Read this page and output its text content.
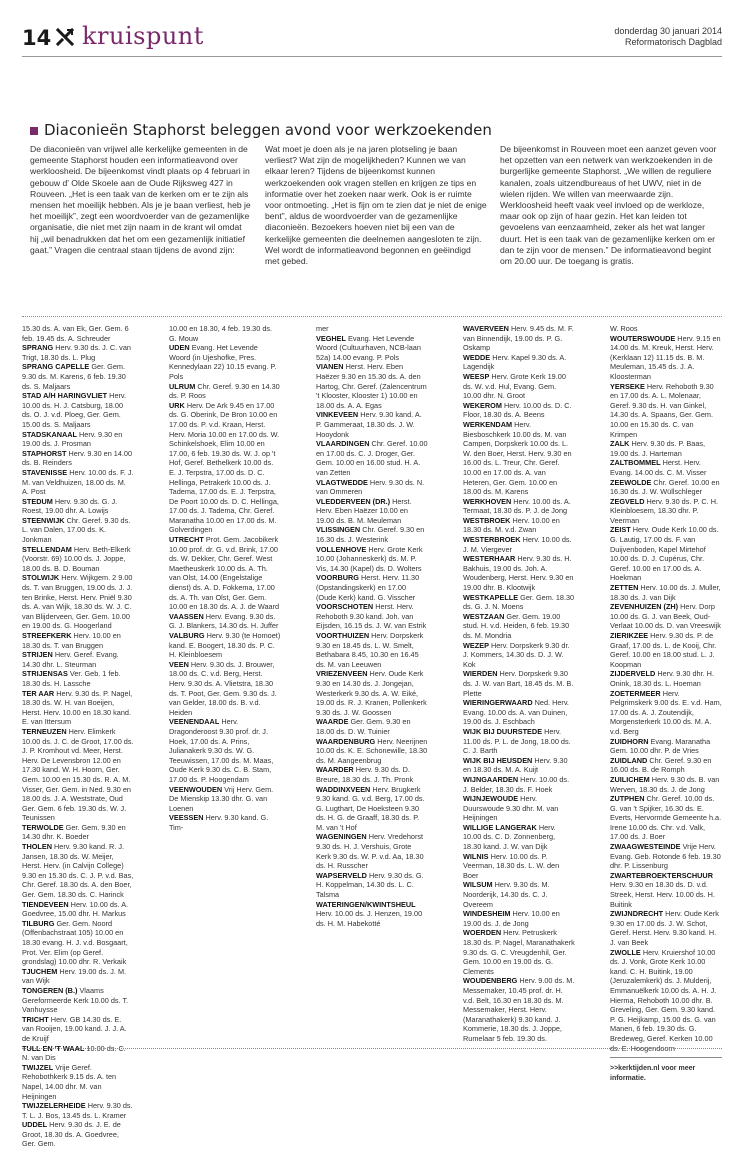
14 kruispunt	donderdag 30 januari 2014
Reformatorisch Dagblad
Diaconieën Staphorst beleggen avond voor werkzoekenden

De diaconieën van vrijwel alle kerkelijke gemeenten in de gemeente Staphorst houden een informatieavond over werkloosheid. De bijeenkomst vindt plaats op 4 februari in gebouw d' Olde Skoele aan de Oude Rijksweg 427 in Rouveen. „Het is een taak van de kerken om er te zijn als mensen het moeilijk hebben. Als je je baan verliest, heb je het moeilijk”, zegt een woordvoerder van de gezamenlijke organisatie, die niet met zijn naam in de krant wil omdat hij „wil benadrukken dat het om een gezamenlijk initiatief gaat.” Vragen die centraal staan tijdens de avond zijn:

Wat moet je doen als je na jaren plotseling je baan verliest? Wat zijn de mogelijkheden? Kunnen we van elkaar leren? Tijdens de bijeenkomst kunnen werkzoekenden ook vragen stellen en krijgen ze tips en informatie over het zoeken naar werk. Ook is er ruimte voor ontmoeting. „Het is fijn om te zien dat je niet de enige bent”, aldus de woordvoerder van de gezamenlijke diaconieën. Bezoekers hoeven niet bij een van de kerkelijke gemeenten die deelnemen aangesloten te zijn. Wel wordt de informatieavond begonnen en geëindigd met gebed.

De bijeenkomst in Rouveen moet een aanzet geven voor het opzetten van een netwerk van werkzoekenden in de burgerlijke gemeente Staphorst. „We willen de reguliere kanalen, zoals uitzendbureaus of het UWV, niet in de wielen rijden. We willen van meerwaarde zijn. Werkloosheid heeft vaak veel invloed op de werkloze, maar ook op zijn of haar gezin. Het kan leiden tot gevoelens van eenzaamheid, zeker als het wat langer duurt. Het is een taak van de gezamenlijke kerken om er dan te zijn voor de mensen.” De informatieavond begint om 20.00 uur. De toegang is gratis.

15.30 ds. A. van Ek, Ger. Gem. 6 feb. 19.45 ds. A. Schreuder

SPRANG Herv. 9.30 ds. J. C. van Trigt, 18.30 ds. L. Plug

SPRANG CAPELLE Ger. Gem. 9.30 ds. M. Karens, 6 feb. 19.30 ds. S. Maljaars

STAD A/H HARINGVLIET Herv. 10.00 ds. H. J. Catsburg, 18.00 ds. O. J. v.d. Ploeg, Ger. Gem. 15.00 ds. S. Maljaars

STADSKANAAL Herv. 9.30 en 19.00 ds. J. Prosman

STAPHORST Herv. 9.30 en 14.00 ds. B. Reinders

STAVENISSE Herv. 10.00 ds. F. J. M. van Veldhuizen, 18.00 ds. M. A. Post

STEDUM Herv. 9.30 ds. G. J. Roest, 19.00 dhr. A. Lowijs

STEENWIJK Chr. Geref. 9.30 ds. L. van Dalen, 17.00 ds. K. Jonkman

STELLENDAM Herv. Beth-Elkerk (Voorstr. 69) 10.00 ds. J. Joppe, 18.00 ds. B. D. Bouman

STOLWIJK Herv. Wijkgem. 2 9.00 ds. T. van Bruggen, 19.00 ds. J. J. ten Brinke, Herst. Herv. Pniël 9.30 ds. A. van Wijk, 18.30 ds. W. J. C. van Blijderveen, Ger. Gem. 10.00 en 19.00 ds. G. Hoogerland

STREEFKERK Herv. 10.00 en 18.30 ds. T. van Bruggen

STRIJEN Herv. Geref. Evang. 14.30 dhr. L. Steurman

STRIJENSAS Ver. Geb. 1 feb. 18.30 ds. H. Lassche

TER AAR Herv. 9.30 ds. P. Nagel, 18.30 ds. W. H. van Boeijen, Herst. Herv. 10.00 en 18.30 kand. E. van Ittersum

TERNEUZEN Herv. Elimkerk 10.00 ds. J. C. de Groot, 17.00 ds. J. P. Kromhout vd. Meer, Herst. Herv. De Levensbron 12.00 en 17.30 kand. W. H. Hoorn, Ger. Gem. 10.00 en 15.30 ds. R. A. M. Visser, Ger. Gem. in Ned. 9.30 en 18.00 ds. J. A. Weststrate, Oud Ger. Gem. 6 feb. 19.30 ds. W. J. Teunissen

TERWOLDE Ger. Gem. 9.30 en 14.30 dhr. K. Boeder

THOLEN Herv. 9.30 kand. R. J. Jansen, 18.30 ds. W. Meijer, Herst. Herv. (in Calvijn College) 9.30 en 15.30 ds. C. J. P. v.d. Bas, Chr. Geref. 18.30 ds. A. den Boer, Ger. Gem. 18.30 ds. C. Harinck

TIENDEVEEN Herv. 10.00 ds. A. Goedvree, 15.00 dhr. H. Markus

TILBURG Ger. Gem. Noord (Offenbachstraat 105) 10.00 en 18.30 evang. H. J. v.d. Bosgaart, Prot. Ver. Elim (op Geref. grondslag) 10.00 dhr. R. Verkaik

TJUCHEM Herv. 19.00 ds. J. M. van Wijk

TONGEREN (B.) Vlaams Gereformeerde Kerk 10.00 ds. T. Vanhuysse

TRICHT Herv. GB 14.30 ds. E. van Rooijen, 19.00 kand. J. J. A. de Kruijf

TULL EN 'T WAAL 10.00 ds. C. N. van Dis

TWIJZEL Vrije Geref. Rehobothkerk 9.15 ds. A. ten Napel, 14.00 dhr. M. van Heijningen

TWIJZELERHEIDE Herv. 9.30 ds. T. L. J. Bos, 13.45 ds. L. Kramer

UDDEL Herv. 9.30 ds. J. E. de Groot, 18.30 ds. A. Goedvree, Ger. Gem.

10.00 en 18.30, 4 feb. 19.30 ds. G. Mouw

UDEN Evang. Het Levende Woord (in Ujeshofke, Pres. Kennedylaan 22) 10.15 evang. P. Pols

ULRUM Chr. Geref. 9.30 en 14.30 ds. P. Roos

URK Herv. De Ark 9.45 en 17.00 ds. G. Oberink, De Bron 10.00 en 17.00 ds. P. v.d. Kraan, Herst. Herv. Moria 10.00 en 17.00 ds. W. Schinkelshoek, Elim 10.00 en 17.00, 6 feb. 19.30 ds. W. J. op 't Hof, Geref. Bethelkerk 10.00 ds. E. J. Terpstra, 17.00 ds. D. C. Hellinga, Petrakerk 10.00 ds. J. Tadema, 17.00 ds. E. J. Terpstra, De Poort 10.00 ds. D. C. Hellinga, 17.00 ds. J. Tadema, Chr. Geref. Maranatha 10.00 en 17.00 ds. M. Golverdingen

UTRECHT Prot. Gem. Jacobikerk 10.00 prof. dr. G. v.d. Brink, 17.00 ds. W. Dekker, Chr. Geref. West Maetheuskerk 10.00 ds. A. Th. van Olst, 14.00 (Engelstalige dienst) ds. A. D. Fokkema, 17.00 ds. A. Th. van Olst, Ger. Gem. 10.00 en 18.30 ds. A. J. de Waard

VAASSEN Herv. Evang. 9.30 ds. G. J. Blankers, 14.30 ds. H. Juffer

VALBURG Herv. 9.30 (te Homoet) kand. E. Boogert, 18.30 ds. P. C. H. Kleinbloesem

VEEN Herv. 9.30 ds. J. Brouwer, 18.00 ds. C. v.d. Berg, Herst. Herv. 9.30 ds. A. Vlietstra, 18.30 ds. T. Poot, Ger. Gem. 9.30 ds. J. van Gelder, 18.00 ds. B. v.d. Heiden

VEENENDAAL Herv. Dragonderoost 9.30 prof. dr. J. Hoek, 17.00 ds. A. Prins, Julianakerk 9.30 ds. W. G. Teeuwissen, 17.00 ds. M. Maas, Oude Kerk 9.30 ds. C. B. Stam, 17.00 ds. P. Hoogendam

VEENWOUDEN Vrij Herv. Gem. De Mienskip 13.30 dhr. G. van Loenen

VEESSEN Herv. 9.30 kand. G. Tim-

mer

VEGHEL Evang. Het Levende Woord (Cultuurhaven, NCB-laan 52a) 14.00 evang. P. Pols

VIANEN Herst. Herv. Eben Haëzer 9.30 en 15.30 ds. A. den Hartog, Chr. Geref. (Zalencentrum 't Klooster, Klooster 1) 10.00 en 18.00 ds. A. A. Egas

VINKEVEEN Herv. 9.30 kand. A. P. Gammeraat, 18.30 ds. J. W. Hooydonk

VLAARDINGEN Chr. Geref. 10.00 en 17.00 ds. C. J. Droger, Ger. Gem. 10.00 en 16.00 stud. H. A. van Zetten

VLAGTWEDDE Herv. 9.30 ds. N. van Ommeren

VLEDDERVEEN (DR.) Herst. Herv. Eben Haëzer 10.00 en 19.00 ds. B. M. Meuleman

VLISSINGEN Chr. Geref. 9.30 en 16.30 ds. J. Westerink

VOLLENHOVE Herv. Grote Kerk 10.00 (Johanneskerk) ds. M. P. Vis, 14.30 (Kapel) ds. D. Wolters

VOORBURG Herst. Herv. 11.30 (Opstandingskerk) en 17.00 (Oude Kerk) kand. G. Visscher

VOORSCHOTEN Herst. Herv. Rehoboth 9.30 kand. Joh. van Eijsden, 16.15 ds. J. W. van Estrik

VOORTHUIZEN Herv. Dorpskerk 9.30 en 18.45 ds. L. W. Smelt, Bethabara 8.45, 10.30 en 16.45 ds. M. van Leeuwen

VRIEZENVEEN Herv. Oude Kerk 9.30 en 14.30 ds. J. Jongejan, Westerkerk 9.30 ds. A. W. Eiké, 19.00 ds. R. J. Kranen, Pollenkerk 9.30 ds. J. W. Goossen

WAARDE Ger. Gem. 9.30 en 18.00 ds. D. W. Tuinier

WAARDENBURG Herv. Neerijnen 10.00 ds. K. E. Schonewille, 18.30 ds. M. Aangeenbrug

WAARDER Herv. 9.30 ds. D. Breure, 18.30 ds. J. Th. Pronk

WADDINXVEEN Herv. Brugkerk 9.30 kand. G. v.d. Berg, 17.00 ds. G. Lugthart, De Hoeksteen 9.30 ds. H. G. de Graaff, 18.30 ds. P. M. van 't Hof

WAGENINGEN Herv. Vredehorst 9.30 ds. H. J. Vershuis, Grote Kerk 9.30 ds. W. P. v.d. Aa, 18.30 ds. H. Russcher

WAPSERVELD Herv. 9.30 ds. G. H. Koppelman, 14.30 ds. L. C. Talsma

WATERINGEN/KWINTSHEUL Herv. 10.00 ds. J. Henzen, 19.00 ds. H. M. Habekotté

WAVERVEEN Herv. 9.45 ds. M. F. van Binnendijk, 19.00 ds. P. G. Oskamp

WEDDE Herv. Kapel 9.30 ds. A. Lagendijk

WEESP Herv. Grote Kerk 19.00 ds. W. v.d. Hul, Evang. Gem. 10.00 dhr. N. Groot

WEKEROM Herv. 10.00 ds. D. C. Floor, 18.30 ds. A. Beens

WERKENDAM Herv. Biesboschkerk 10.00 ds. M. van Campen, Dorpskerk 10.00 ds. L. W. den Boer, Herst. Herv. 9.30 en 16.00 ds. L. Treur, Chr. Geref. 10.00 en 17.00 ds. A. van Heteren, Ger. Gem. 10.00 en 18.00 ds. M. Karens

WERKHOVEN Herv. 10.00 ds. A. Termaat, 18.30 ds. P. J. de Jong

WESTBROEK Herv. 10.00 en 18.30 ds. M. v.d. Zwan

WESTERBROEK Herv. 10.00 ds. J. M. Viergever

WESTERHAAR Herv. 9.30 ds. H. Bakhuis, 19.00 ds. Joh. A. Woudenberg, Herst. Herv. 9.30 en 19.00 dhr. B. Klootwijk

WESTKAPELLE Ger. Gem. 18.30 ds. G. J. N. Moens

WESTZAAN Ger. Gem. 19.00 stud. H. v.d. Heiden, 6 feb. 19.30 ds. M. Mondria

WEZEP Herv. Dorpskerk 9.30 dr. J. Kommers, 14.30 ds. D. J. W. Kok

WIERDEN Herv. Dorpskerk 9.30 ds. J. W. van Bart, 18.45 ds. M. B. Plette

WIERINGERWAARD Ned. Herv. Evang. 10.00 ds. A. van Duinen, 19.00 ds. J. Eschbach

WIJK BIJ DUURSTEDE Herv. 11.00 ds. P. L. de Jong, 18.00 ds. C. J. Barth

WIJK BIJ HEUSDEN Herv. 9.30 en 18.30 ds. M. A. Kuijt

WIJNGAARDEN Herv. 10.00 ds. J. Belder, 18.30 ds. F. Hoek

WIJNJEWOUDE Herv. Duurswoude 9.30 dhr. M. van Heijningen

WILLIGE LANGERAK Herv. 10.00 ds. C. D. Zonnenberg, 18.30 kand. J. W. van Dijk

WILNIS Herv. 10.00 ds. P. Veerman, 18.30 ds. L. W. den Boer

WILSUM Herv. 9.30 ds. M. Noorderijk, 14.30 ds. C. J. Overeem

WINDESHEIM Herv. 10.00 en 19.00 ds. J. de Jong

WOERDEN Herv. Petruskerk 18.30 ds. P. Nagel, Maranathakerk 9.30 ds. G. C. Vreugdenhil, Ger. Gem. 10.00 en 19.00 ds. G. Clements

WOUDENBERG Herv. 9.00 ds. M. Messemaker, 10.45 prof. dr. H. v.d. Belt, 16.30 en 18.30 ds. M. Messemaker, Herst. Herv. (Maranathakerk) 9.30 kand. J. Kommerie, 18.30 ds. J. Joppe, Rumelaar 5 feb. 19.30 ds.

W. Roos

WOUTERSWOUDE Herv. 9.15 en 14.00 ds. M. Kreuk, Herst. Herv. (Kerklaan 12) 11.15 ds. B. M. Meuleman, 15.45 ds. J. A. Kloosterman

YERSEKE Herv. Rehoboth 9.30 en 17.00 ds. A. L. Molenaar, Geref. 9.30 ds. H. van Ginkel, 14.30 ds. A. Spaans, Ger. Gem. 10.00 en 15.30 ds. C. van Krimpen

ZALK Herv. 9.30 ds. P. Baas, 19.00 ds. J. Harteman

ZALTBOMMEL Herst. Herv. Evang. 14.00 ds. C. M. Visser

ZEEWOLDE Chr. Geref. 10.00 en 16.30 ds. J. W. Wüllschleger

ZEGVELD Herv. 9.30 ds. P. C. H. Kleinbloesem, 18.30 dhr. P. Veerman

ZEIST Herv. Oude Kerk 10.00 ds. G. Lautig, 17.00 ds. F. van Duijvenboden, Kapel Mirtehof 10.00 ds. D. J. Cupérus, Chr. Geref. 10.00 en 17.00 ds. A. Hoekman

ZETTEN Herv. 10.00 ds. J. Muller, 18.30 ds. J. van Dijk

ZEVENHUIZEN (ZH) Herv. Dorp 10.00 ds. G. J. van Beek, Oud-Verlaat 10.00 ds. D. van Vreeswijk

ZIERIKZEE Herv. 9.30 ds. P. de Graaf, 17.00 ds. L. de Kooij, Chr. Geref. 10.00 en 18.00 stud. L. J. Koopman

ZIJDERVELD Herv. 9.30 dhr. H. Onink, 18.30 ds. L. Hoeman

ZOETERMEER Herv. Pelgrimskerk 9.00 ds. E. v.d. Ham, 17.00 ds. A. J. Zoutendijk, Morgensterkerk 10.00 ds. M. A. v.d. Berg

ZUIDHORN Evang. Maranatha Gem. 10.00 dhr. P. de Vries

ZUIDLAND Chr. Geref. 9.30 en 16.00 ds. B. de Romph

ZUILICHEM Herv. 9.30 ds. B. van Werven, 18.30 ds. J. de Jong

ZUTPHEN Chr. Geref. 10.00 ds. G. van 't Spijker, 16.30 ds. E. Everts, Hervormde Gemeente h.a. Irene 10.00 ds. Chr. v.d. Valk, 17.00 ds. J. Boer

ZWAAGWESTEINDE Vrije Herv. Evang. Geb. Rotonde 6 feb. 19.30 dhr. P. Lissenburg

ZWARTEBROEKTERSCHUUR Herv. 9.30 en 18.30 ds. D. v.d. Streek, Herst. Herv. 10.00 ds. H. Buitink

ZWIJNDRECHT Herv. Oude Kerk 9.30 en 17.00 ds. J. W. Schot, Geref. Herst. Herv. 9.30 kand. H. J. van Beek

ZWOLLE Herv. Kruiershof 10.00 ds. J. Vonk, Grote Kerk 10.00 kand. C. H. Buitink, 19.00 (Jeruzalemkerk) ds. J. Mulderij, Emmanuëlkerk 10.00 ds. A. H. J. Hierma, Rehoboth 10.00 dhr. B. Greveling, Ger. Gem. 9.30 kand. P. G. Heijkamp, 15.00 ds. G. van Manen, 6 feb. 19.30 ds. G. Bredeweg, Geref. Kerken 10.00 ds. E. Hoogendoorn

>>kerktijden.nl voor meer informatie.
